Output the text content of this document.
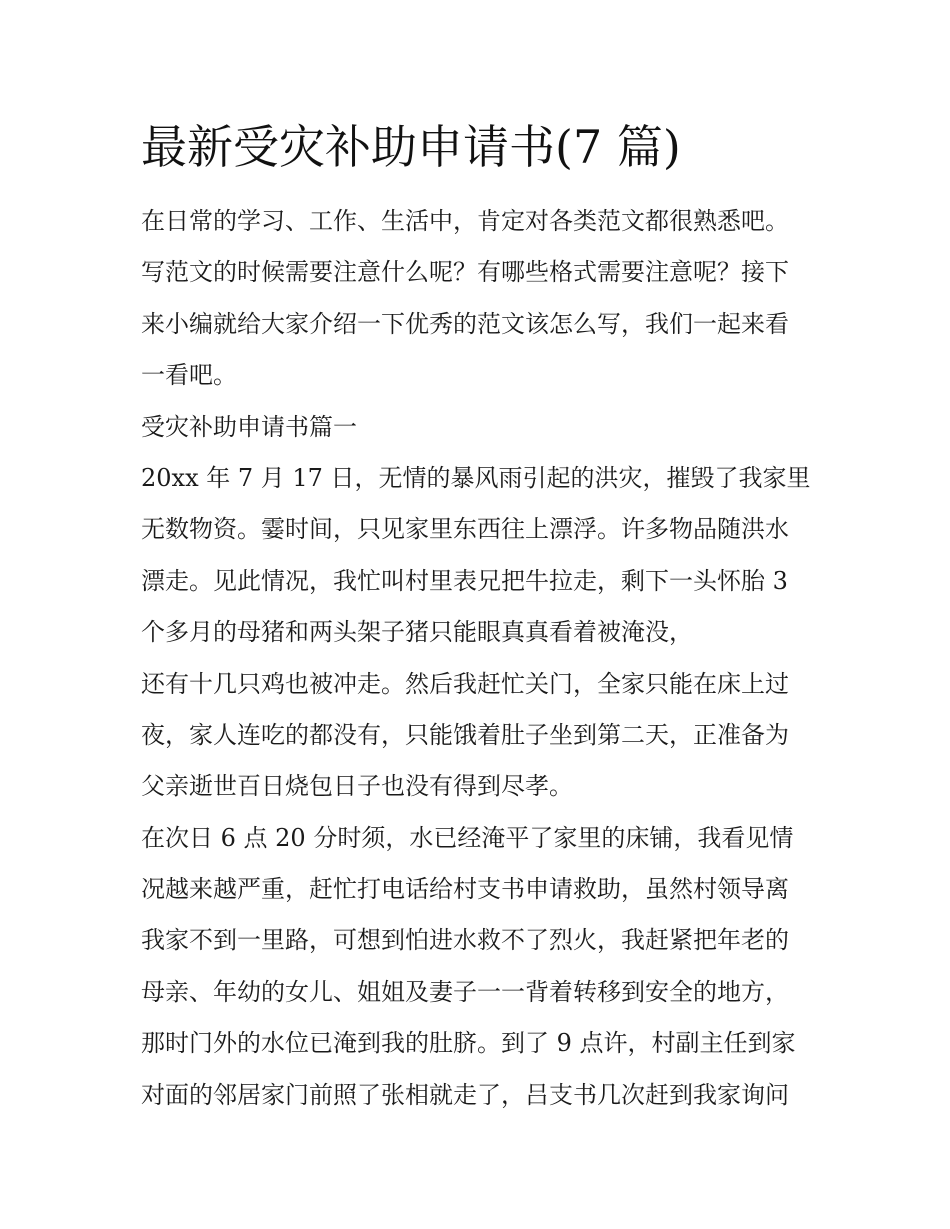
最新受灾补助申请书(7 篇)
在日常的学习、工作、生活中，肯定对各类范文都很熟悉吧。
写范文的时候需要注意什么呢？有哪些格式需要注意呢？接下
来小编就给大家介绍一下优秀的范文该怎么写，我们一起来看
一看吧。
受灾补助申请书篇一
20xx 年 7 月 17 日，无情的暴风雨引起的洪灾，摧毁了我家里
无数物资。霎时间，只见家里东西往上漂浮。许多物品随洪水
漂走。见此情况，我忙叫村里表兄把牛拉走，剩下一头怀胎 3
个多月的母猪和两头架子猪只能眼真真看着被淹没，
还有十几只鸡也被冲走。然后我赶忙关门，全家只能在床上过
夜，家人连吃的都没有，只能饿着肚子坐到第二天，正准备为
父亲逝世百日烧包日子也没有得到尽孝。
在次日 6 点 20 分时须，水已经淹平了家里的床铺，我看见情
况越来越严重，赶忙打电话给村支书申请救助，虽然村领导离
我家不到一里路，可想到怕进水救不了烈火，我赶紧把年老的
母亲、年幼的女儿、姐姐及妻子一一背着转移到安全的地方，
那时门外的水位已淹到我的肚脐。到了 9 点许，村副主任到家
对面的邻居家门前照了张相就走了，吕支书几次赶到我家询问
